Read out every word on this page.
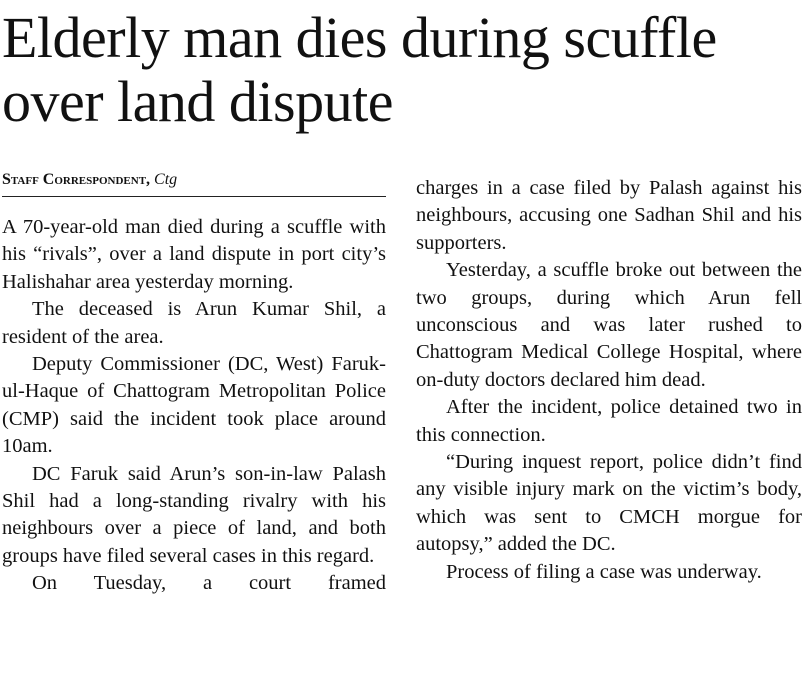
Elderly man dies during scuffle over land dispute
Staff Correspondent, Ctg

A 70-year-old man died during a scuffle with his “rivals”, over a land dispute in port city’s Halishahar area yesterday morning.

The deceased is Arun Kumar Shil, a resident of the area.

Deputy Commissioner (DC, West) Faruk-ul-Haque of Chattogram Metropolitan Police (CMP) said the incident took place around 10am.

DC Faruk said Arun’s son-in-law Palash Shil had a long-standing rivalry with his neighbours over a piece of land, and both groups have filed several cases in this regard.

On Tuesday, a court framed

charges in a case filed by Palash against his neighbours, accusing one Sadhan Shil and his supporters.

Yesterday, a scuffle broke out between the two groups, during which Arun fell unconscious and was later rushed to Chattogram Medical College Hospital, where on-duty doctors declared him dead.

After the incident, police detained two in this connection.

“During inquest report, police didn’t find any visible injury mark on the victim’s body, which was sent to CMCH morgue for autopsy,” added the DC.

Process of filing a case was underway.
